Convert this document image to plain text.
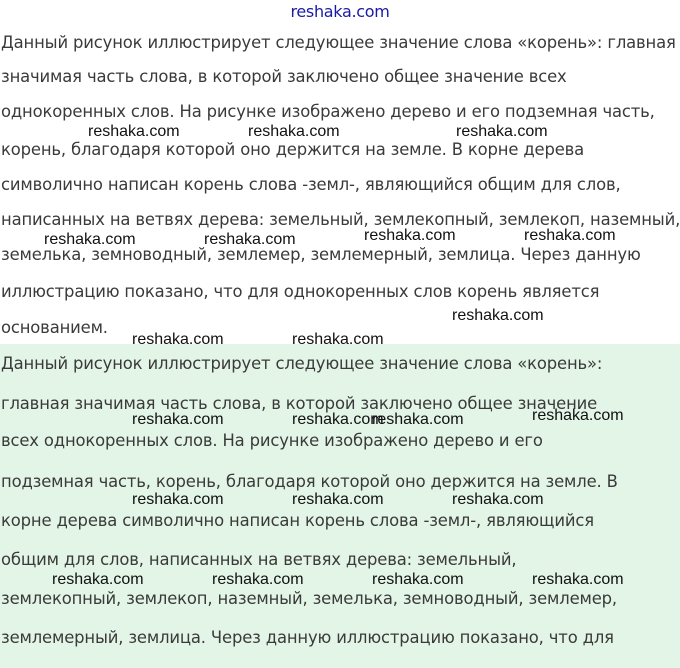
reshaka.com
Данный рисунок иллюстрирует следующее значение слова «корень»: главная
значимая часть слова, в которой заключено общее значение всех
однокоренных слов. На рисунке изображено дерево и его подземная часть,
корень, благодаря которой оно держится на земле. В корне дерева
символично написан корень слова -земл-, являющийся общим для слов,
написанных на ветвях дерева: земельный, землекопный, землекоп, наземный,
земелька, земноводный, землемер, землемерный, землица. Через данную
иллюстрацию показано, что для однокоренных слов корень является
основанием.
Данный рисунок иллюстрирует следующее значение слова «корень»:
главная значимая часть слова, в которой заключено общее значение
всех однокоренных слов. На рисунке изображено дерево и его
подземная часть, корень, благодаря которой оно держится на земле. В
корне дерева символично написан корень слова -земл-, являющийся
общим для слов, написанных на ветвях дерева: земельный,
землекопный, землекоп, наземный, земелька, земноводный, землемер,
землемерный, землица. Через данную иллюстрацию показано, что для
reshaka.com	reshaka.com	reshaka.com
reshaka.com	reshaka.com	reshaka.com	reshaka.com
reshaka.com
reshaka.com	reshaka.com
reshaka.com
reshaka.com	reshaka.com
reshaka.com
reshaka.com	reshaka.com	reshaka.com
reshaka.com	reshaka.com	reshaka.com	reshaka.com
